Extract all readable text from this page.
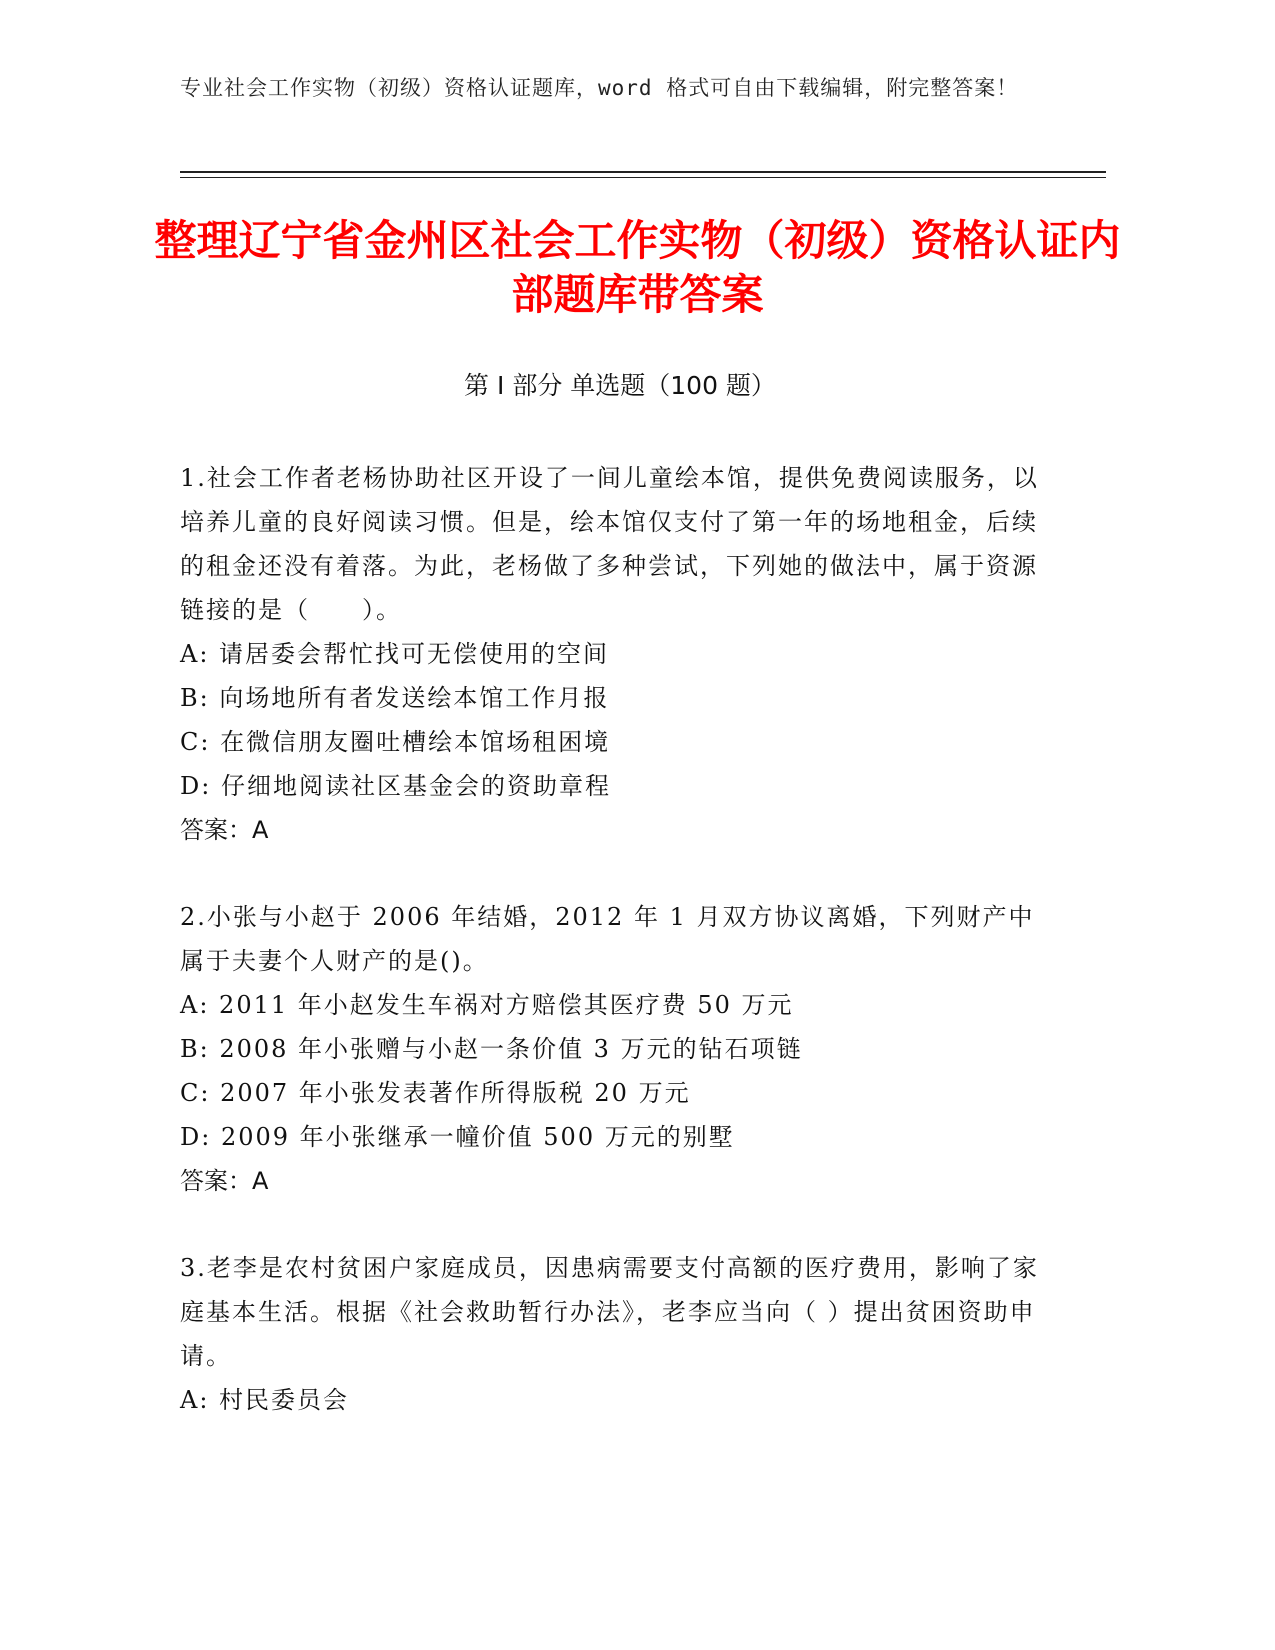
专业社会工作实物（初级）资格认证题库，word 格式可自由下载编辑，附完整答案！
整理辽宁省金州区社会工作实物（初级）资格认证内部题库带答案
第 I 部分 单选题（100 题）

1.社会工作者老杨协助社区开设了一间儿童绘本馆，提供免费阅读服务，以培养儿童的良好阅读习惯。但是，绘本馆仅支付了第一年的场地租金，后续的租金还没有着落。为此，老杨做了多种尝试，下列她的做法中，属于资源链接的是（　　）。

A: 请居委会帮忙找可无偿使用的空间

B: 向场地所有者发送绘本馆工作月报

C: 在微信朋友圈吐槽绘本馆场租困境

D: 仔细地阅读社区基金会的资助章程

答案：A

2.小张与小赵于 2006 年结婚，2012 年 1 月双方协议离婚，下列财产中属于夫妻个人财产的是()。

A: 2011 年小赵发生车祸对方赔偿其医疗费 50 万元

B: 2008 年小张赠与小赵一条价值 3 万元的钻石项链

C: 2007 年小张发表著作所得版税 20 万元

D: 2009 年小张继承一幢价值 500 万元的别墅

答案：A

3.老李是农村贫困户家庭成员，因患病需要支付高额的医疗费用，影响了家庭基本生活。根据《社会救助暂行办法》，老李应当向（ ）提出贫困资助申请。

A: 村民委员会
